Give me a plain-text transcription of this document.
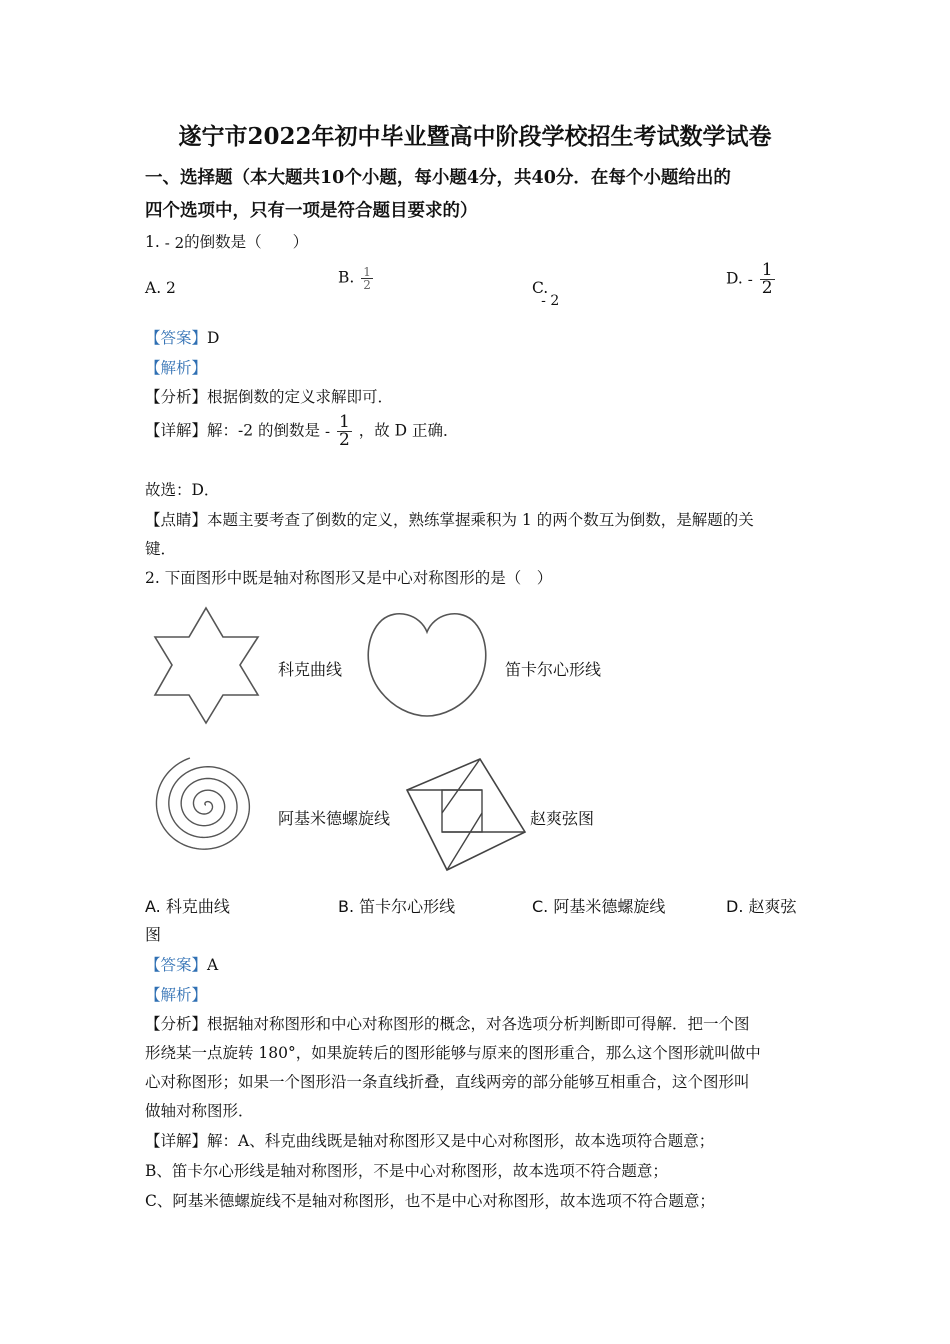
遂宁市2022年初中毕业暨高中阶段学校招生考试数学试卷
一、选择题（本大题共10个小题，每小题4分，共40分．在每个小题给出的
四个选项中，只有一项是符合题目要求的）
1. - 2的倒数是（　　）
A. 2
B. $\frac{1}{2}$	C. - 2
D. - $\frac{1}{2}$
【答案】D
【解析】
【分析】根据倒数的定义求解即可．
【详解】解：-2 的倒数是 - $\frac{1}{2}$ ，故 D 正确．
故选：D．
【点睛】本题主要考查了倒数的定义，熟练掌握乘积为 1 的两个数互为倒数，是解题的关
键．
2. 下面图形中既是轴对称图形又是中心对称图形的是（　）
科克曲线	笛卡尔心形线
阿基米德螺旋线	赵爽弦图
A. 科克曲线	B. 笛卡尔心形线	C. 阿基米德螺旋线	D. 赵爽弦
图
【答案】A
【解析】
【分析】根据轴对称图形和中心对称图形的概念，对各选项分析判断即可得解．把一个图
形绕某一点旋转 180°，如果旋转后的图形能够与原来的图形重合，那么这个图形就叫做中
心对称图形；如果一个图形沿一条直线折叠，直线两旁的部分能够互相重合，这个图形叫
做轴对称图形．
【详解】解：A、科克曲线既是轴对称图形又是中心对称图形，故本选项符合题意；
B、笛卡尔心形线是轴对称图形，不是中心对称图形，故本选项不符合题意；
C、阿基米德螺旋线不是轴对称图形，也不是中心对称图形，故本选项不符合题意；
